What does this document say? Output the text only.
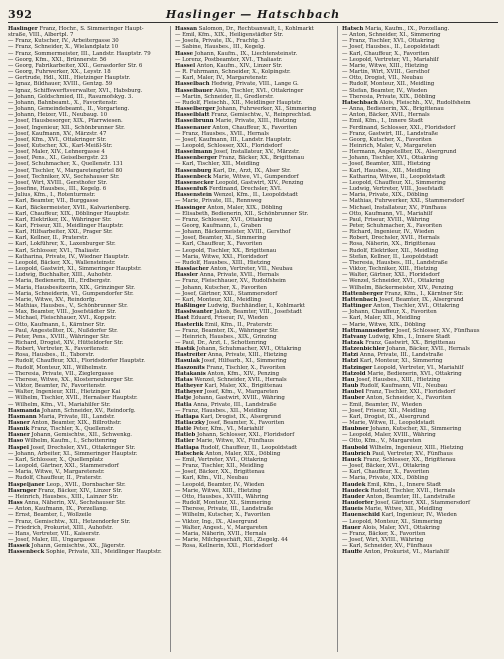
392	Haslinger — Hatschbach

Haslinger Franz, Hochr., S. Simmeringer Haupt-

straße, VIII., Albertpl. 7

— Franz, Kutscher, IV., Arbeitergasse 30

— Franz, Schneider, X., Wielandplatz 10

— Franz, Sommermeister, III., Landstr. Hauptstr. 79

— Georg, Kfm., XXI., Brünnerstr. 56

— Georg, Fabrikarbeiter, XXI., Gerasdorfer Str. 6

— Georg, Fuhrwerker, XX., Leystr. 18

— Gertrude, Hdl., XIII., Hietzinger Hauptstr.

— Ignaz, Bildhauer, XVIII., Gentzg. 59

— Ignaz, Schiffswerftsverwalter, XVI., Habsburg.

— Johann, Goldschmied, III., Rasumofskyg. 3.

— Johann, Bahnbeamt., X., Favoritenstr.

— Johann, Gemeindebeamt., II., Vorgarteng.

— Johann, Heizer, VII., Neubaug. 10

— Josef, Hausbesorger, XIX., Pfarrwiesen.

— Josef, Ingenieur, XII., Schönbrunner Str.

— Josef, Kaufmann, XV., Märzstr. 47

— Josef, Kfm., XVI., Ottakringer Str.

— Josef, Kutscher, XX., Karl-Meißl-Str.

— Josef, Maler, XIV., Lehnergasse 4

— Josef, Pens., XI., Geiselbergstr. 23

— Josef, Schuhmacher, X., Quellenstr. 131

— Josef, Tischler, V., Margaretengürtel 80

— Josef, Techniker, XV., Sechshauser Str.

— Josef, Wirt, XVIII., Gersthofer Str.

— Josefine, Hausbes., III., Kegelg. 6

— Julius, Kfm., I., Rotenturmstr.

— Karl, Beamter, VII., Burggasse

— Karl, Bäckermeister, XVII., Kalvarienberg.

— Karl, Chauffeur, XIX., Döblinger Hauptstr.

— Karl, Elektriker, IX., Währinger Str.

— Karl, Friseur, XII., Meidlinger Hauptstr.

— Karl, Hilfsarbeiter, XXI., Prager Str.

— Karl, Kellner, II., Praterstr.

— Karl, Lokführer, X., Laxenburger Str.

— Karl, Schlosser, XVI., Thaliastr.

— Katharina, Private, IV., Wiedner Hauptstr.

— Leopold, Bäcker, XX., Wallensteinstr.

— Leopold, Gastwirt, XI., Simmeringer Hauptstr.

— Ludwig, Buchhalter, XIII., Auhofstr.

— Maria, Bedienerin, III., Erdbergstr.

— Maria, Hausbesitzerin, XIX., Grinzinger Str.

— Maria, Schneiderin, VI., Gumpendorfer Str.

— Marie, Witwe, XV., Reindorfg.

— Mathias, Hausbes., V., Schönbrunner Str.

— Max, Beamter, VIII., Josefstädter Str.

— Michael, Fleischhauer, XVI., Koppstr.

— Otto, Kaufmann, I., Kärntner Str.

— Paul, Angestellter, IX., Nußdorfer Str.

— Peter, Pens., XVIII., Währinger Str.

— Richard, Drogist, XIV., Hütteldorfer Str.

— Robert, Vertreter, X., Favoritenstr.

— Rosa, Hausbes., II., Taborstr.

— Rudolf, Chauffeur, XXI., Floridsdorfer Hauptstr.

— Rudolf, Monteur, XII., Wilhelmstr.

— Theresia, Private, VII., Zieglergasse

— Therese, Witwe, XX., Klosterneuburger Str.

— Viktor, Beamter, IV., Favoritenstr.

— Walter, Ingenieur, XIII., Hietzinger Kai

— Wilhelm, Tischler, XVII., Hernalser Hauptstr.

— Wilhelm, Kfm., VI., Mariahilfer Str.

Hasmanda Johann, Schneider, XV., Reindorfg.

Hasmann Maria, Private, III., Landstr.

Hasner Anton, Beamter, XIX., Billrothstr.

Hasnik Franz, Tischler, X., Quellenstr.

Hasner Johann, Gemischtw., XII., Schwenkg.

Haso Wilhelm, Kaufm., I., Schottenring

Haspel Josef, Drechsler, XVI., Ottakringer Str.

— Johann, Arbeiter, XI., Simmeringer Hauptstr.

— Karl, Schlosser, X., Quellenplatz

— Leopold, Gärtner, XXI., Stammersdorf

— Maria, Witwe, V., Margaretenstr.

— Rudolf, Chauffeur, II., Praterstr.

Haspeljaner Leop., XVII., Dornbacher Str.

Hasrnger Franz, Bäcker, XIV., Linzer Str.

— Heinrich, Hausbes., XIII., Lainzer Str.

Hass Anna, Näherin, XV., Sechshauser Str.

— Anton, Kaufmann, IX., Porzellang.

— Ernst, Beamter, I., Wollzeile

— Franz, Gemischtw., XII., Hetzendorfer Str.

— Friedrich, Prokurist, XIII., Auhofstr.

— Hans, Vertreter, VII., Kaiserstr.

— Josef, Maler, III., Ungargasse

Hassek Johann, Gemischtw., XX., Jägerstr.

Hassenbeck Sophie, Private, XII., Meidlinger Hauptstr.

Hassan Salomon, Dr., Rechtsanwalt, I., Kohlmarkt

— Emil, Kfm., XIX., Heiligenstädter Str.

— Josefa, Private, IX., Frachtg. 3

— Sabine, Hausbes., III., Kegelg.

Hasse Johann, Kaufm., IX., Liechtensteinstr.

— Lorenz, Postbeamter, XVI., Thaliastr.

Hassel Anton, Kaufm., XIV., Linzer Str.

— R. Fuhrmann, Schneider, X., Kolpingstr.

— Karl, Maler, IV., Margaretenstr.

Hasselbach Hedwig, Private, VIII., Lange G.

Hasselbauer Alois, Tischler, XVI., Ottakringer

— Martin, Schneider, II., Gredlerstr.

— Rudolf, Fleischh., XII., Meidlinger Hauptstr.

Hasselberger Johann, Fuhrwerker, XI., Simmering

Hasselblatt Franz, Gemischtw., V., Reinprechtsd.

Hasselbrunn Marie, Private, XIII., Hietzing

Hassenauer Anton, Chauffeur, X., Favoriten

— Franz, Hausbes., XVII., Hernals

— Josef, Kaufmann, III., Landstr. Hauptstr.

— Leopold, Schlosser, XXI., Floridsdorf

Hasselmann Josef, Installateur, XV., Märzstr.

Hassenberger Franz, Bäcker, XX., Brigittenau

— Karl, Tischler, XII., Meidling

Hassenburg Karl, Dr., Arzt, IX., Alser Str.

Hassenbeck Marie, Witwe, VI., Gumpendorf

Hassenecker Leopold, Gastwirt, XIV., Penzing

Hassenfuß Ferdinand, Drechsler, XVI.

Hassenstein Wenzel, Kfm., II., Leopoldstadt

— Marie, Private, III., Rennweg

Hassinger Anton, Maler, XIX., Döbling

— Elisabeth, Bedienerin, XII., Schönbrunner Str.

— Franz, Schlosser, XVI., Ottakring

— Georg, Kaufmann, I., Graben

— Johann, Bäckermeister, XVIII., Gersthof

— Josef, Beamter, XI., Simmering

— Karl, Chauffeur, X., Favoriten

— Leopold, Tischler, XX., Brigittenau

— Maria, Witwe, XXI., Floridsdorf

— Rudolf, Hausbes., XIII., Hietzing

Hasslacher Anton, Vertreter, VII., Neubau

Hassler Anna, Private, XVII., Hernals

— Franz, Fleischhauer, XV., Rudolfsheim

— Johann, Kutscher, X., Favoriten

— Josef, Gärtner, XXI., Stammersdorf

— Karl, Monteur, XII., Meidling

Haßlinger Ludwig, Buchhändler, I., Kohlmarkt

Hasslwanter Jakob, Beamter, VIII., Josefstadt

Hast Eduard, Friseur, IV., Wieden

Hasterlik Emil, Kfm., II., Praterstr.

— Franz, Beamter, IX., Währinger Str.

— Heinrich, Hausbes., XIX., Grinzing

— Paul, Dr., Arzt, I., Schottenring

Hastík Johann, Schuhmacher, XVI., Ottakring

Hastreiter Anna, Private, XIII., Hietzing

Hasulak Josef, Hilfsarb., XI., Simmering

Haszonits Franz, Tischler, X., Favoriten

Hatakanis Anton, Kfm., XIV., Penzing

Hatas Wenzel, Schneider, XVII., Hernals

Hatheyer Karl, Maler, XX., Brigittenau

Hatheyer Josef, Kfm., V., Margareten

Hatje Johann, Gastwirt, XVIII., Währing

Hatla Anna, Private, III., Landstraße

— Franz, Hausbes., XII., Meidling

Hatlapa Karl, Drogist, IX., Alsergrund

Hatlaczky Josef, Beamter, X., Favoriten

Hatlé Peter, Kfm., VI., Mariahilf

Hatleb Johann, Schlosser, XXI., Floridsdorf

Hatler Marie, Witwe, XV., Fünfhaus

Hatlapa Rudolf, Chauffeur, II., Leopoldstadt

Hatschek Anton, Maler, XIX., Döbling

— Emil, Vertreter, XVI., Ottakring

— Franz, Tischler, XII., Meidling

— Josef, Bäcker, XX., Brigittenau

— Karl, Kfm., VII., Neubau

— Leopold, Beamter, IV., Wieden

— Marie, Witwe, XIII., Hietzing

— Otto, Hausbes., XVIII., Währing

— Rudolf, Monteur, XI., Simmering

— Therese, Private, III., Landstraße

— Wilhelm, Kutscher, X., Favoriten

— Viktor, Ing., IX., Alsergrund

— Walter, Angest., V., Margareten

— Maria, Näherin, XVII., Hernals

— Marie, Milchgeschäft, XII., Ziegelg. 44

— Rosa, Kellnerin, XXI., Floridsdorf

Hatsch Maria, Kaufm., IX., Porzellang.

— Anton, Schneider, XI., Simmering

— Franz, Tischler, XVI., Ottakring

— Josef, Hausbes., II., Leopoldstadt

— Karl, Chauffeur, X., Favoriten

— Leopold, Vertreter, VI., Mariahilf

— Marie, Witwe, XIII., Hietzing

— Martin, Wirt, XVIII., Gersthof

— Otto, Drogist, VII., Neubau

— Rudolf, Monteur, XII., Meidling

— Stefan, Beamter, IV., Wieden

— Theresia, Private, XIX., Döbling

Hatschbach Alois, Fleischh., XV., Rudolfsheim

— Anna, Bedienerin, XX., Brigittenau

— Anton, Bäcker, XVII., Hernals

— Emil, Kfm., I., Innere Stadt

— Ferdinand, Schlosser, XXI., Floridsdorf

— Franz, Gastwirt, III., Landstraße

— Georg, Kutscher, X., Favoriten

— Heinrich, Maler, V., Margareten

— Hermann, Angestellter, IX., Alsergrund

— Johann, Tischler, XVI., Ottakring

— Josef, Beamter, XIII., Hietzing

— Karl, Hausbes., XII., Meidling

— Katharina, Witwe, II., Leopoldstadt

— Leopold, Chauffeur, XI., Simmering

— Ludwig, Vertreter, VIII., Josefstadt

— Maria, Private, XIX., Döbling

— Mathias, Fuhrwerker, XXI., Stammersdorf

— Michael, Installateur, XV., Fünfhaus

— Otto, Kaufmann, VI., Mariahilf

— Paul, Friseur, XVIII., Währing

— Peter, Schuhmacher, X., Favoriten

— Richard, Ingenieur, IV., Wieden

— Robert, Drechsler, XVII., Hernals

— Rosa, Näherin, XX., Brigittenau

— Rudolf, Elektriker, XII., Meidling

— Stefan, Kellner, II., Leopoldstadt

— Theresia, Hausbes., III., Landstraße

— Viktor, Techniker, XIII., Hietzing

— Walter, Gärtner, XXI., Floridsdorf

— Wenzel, Schneider, XVI., Ottakring

— Wilhelm, Bäckermeister, XIV., Penzing

Hattenberger Franz, Kfm., I., Kärntner Str.

Hattenbach Josef, Beamter, IX., Alsergrund

Hattinger Anton, Tischler, XVI., Ottakring

— Johann, Chauffeur, X., Favoriten

— Karl, Maler, XII., Meidling

— Marie, Witwe, XIX., Döbling

Hattmannsdorfer Josef, Schlosser, XV., Fünfhaus

Hatvany Ludwig, Kfm., I., Innere Stadt

Hatzak Franz, Gastwirt, XX., Brigittenau

Hatzenbichler Johann, Bäcker, XVII., Hernals

Hatzi Anna, Private, III., Landstraße

Hatzl Karl, Monteur, XI., Simmering

Hatzinger Leopold, Vertreter, VI., Mariahilf

Hatzold Marie, Bedienerin, XVI., Ottakring

Hau Josef, Hausbes., XIII., Hietzing

Haub Rudolf, Kaufmann, VII., Neubau

Haubel Franz, Tischler, XXI., Floridsdorf

Hauber Anton, Schneider, X., Favoriten

— Emil, Beamter, IV., Wieden

— Josef, Friseur, XII., Meidling

— Karl, Drogist, IX., Alsergrund

— Marie, Witwe, II., Leopoldstadt

Haubner Johann, Kutscher, XI., Simmering

— Leopold, Maler, XVIII., Währing

— Otto, Kfm., V., Margareten

Haubold Wilhelm, Ingenieur, XIII., Hietzing

Haubrich Paul, Vertreter, XV., Fünfhaus

Hauck Franz, Schlosser, XX., Brigittenau

— Josef, Bäcker, XVI., Ottakring

— Karl, Chauffeur, X., Favoriten

— Maria, Private, XIX., Döbling

Haudek Emil, Kfm., I., Innere Stadt

Haudeck Rudolf, Tischler, XVII., Hernals

Hauder Anton, Beamter, III., Landstraße

Haudorfer Josef, Gärtner, XXI., Stammersdorf

Haueis Marie, Witwe, XII., Meidling

Hauenschild Karl, Ingenieur, IV., Wieden

— Leopold, Monteur, XI., Simmering

Hauer Alois, Maler, XVI., Ottakring

— Franz, Bäcker, X., Favoriten

— Josef, Wirt, XVIII., Währing

— Karl, Schneider, XV., Fünfhaus

Hauffe Anton, Prokurist, VI., Mariahilf
